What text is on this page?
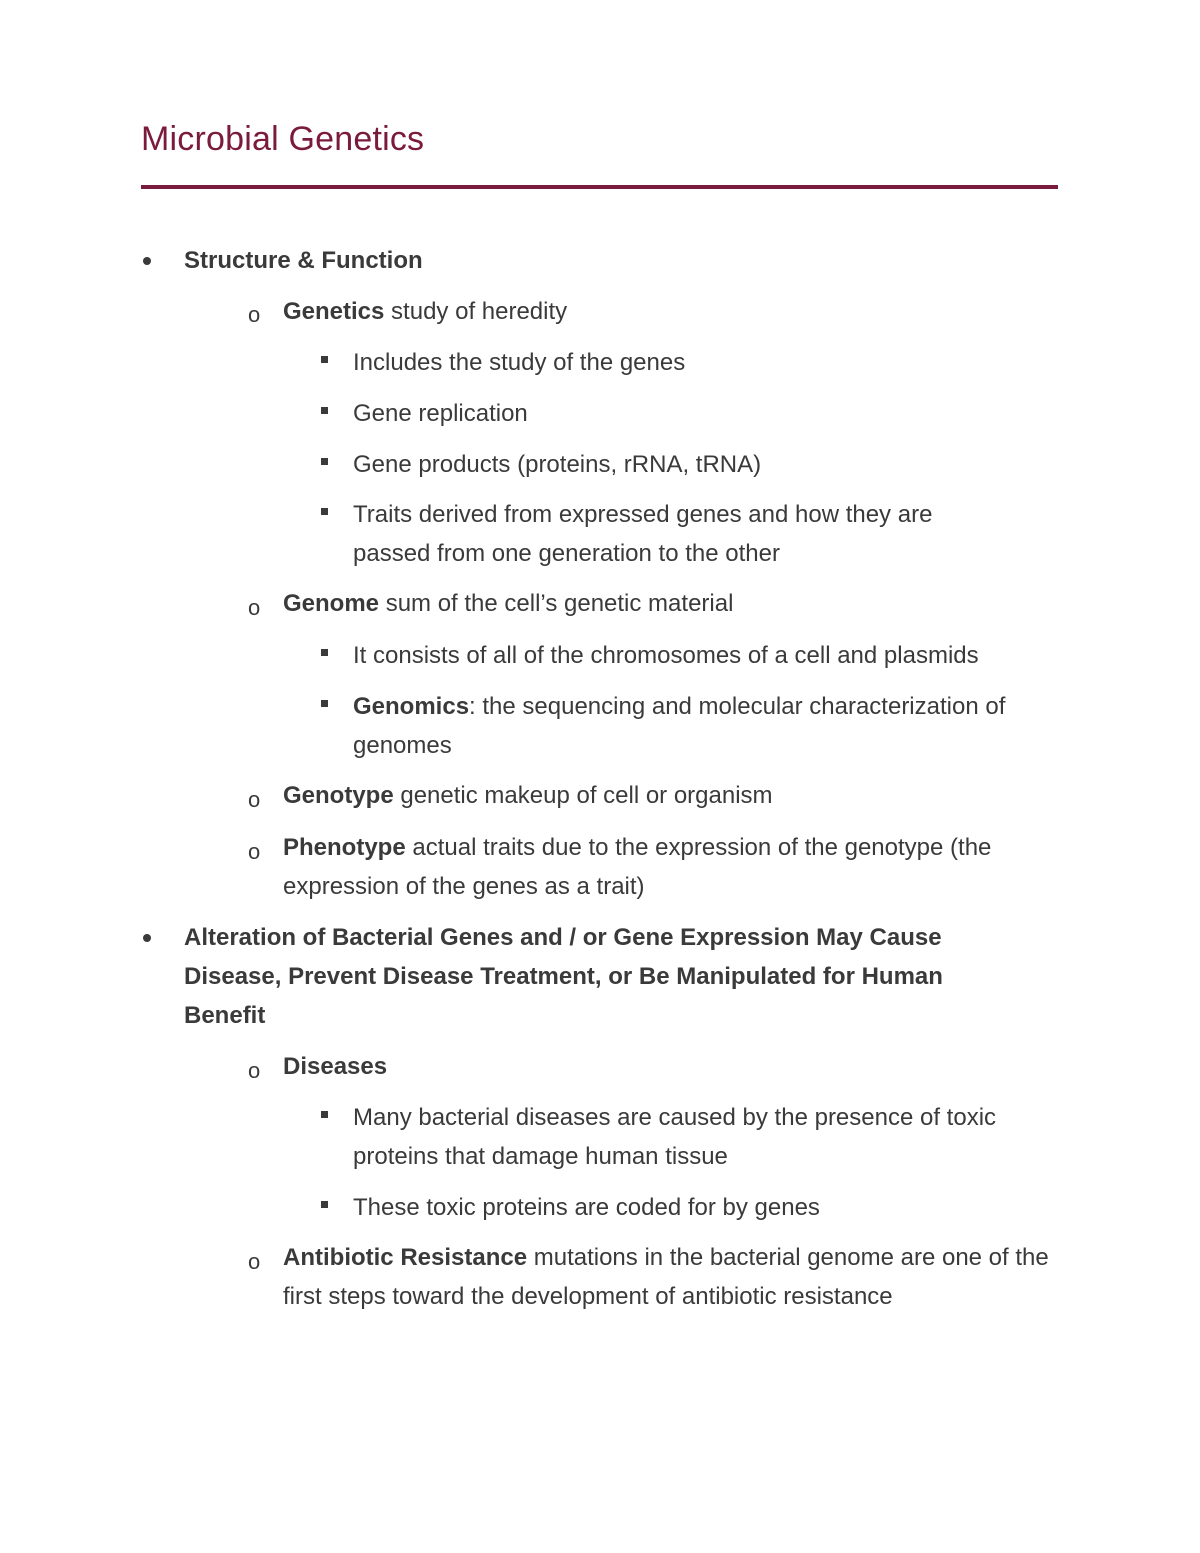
Microbial Genetics
Structure & Function
o Genetics study of heredity
Includes the study of the genes
Gene replication
Gene products (proteins, rRNA, tRNA)
Traits derived from expressed genes and how they are passed from one generation to the other
o Genome sum of the cell’s genetic material
It consists of all of the chromosomes of a cell and plasmids
Genomics: the sequencing and molecular characterization of genomes
o Genotype genetic makeup of cell or organism
o Phenotype actual traits due to the expression of the genotype (the expression of the genes as a trait)
Alteration of Bacterial Genes and / or Gene Expression May Cause Disease, Prevent Disease Treatment, or Be Manipulated for Human Benefit
o Diseases
Many bacterial diseases are caused by the presence of toxic proteins that damage human tissue
These toxic proteins are coded for by genes
o Antibiotic Resistance mutations in the bacterial genome are one of the first steps toward the development of antibiotic resistance
